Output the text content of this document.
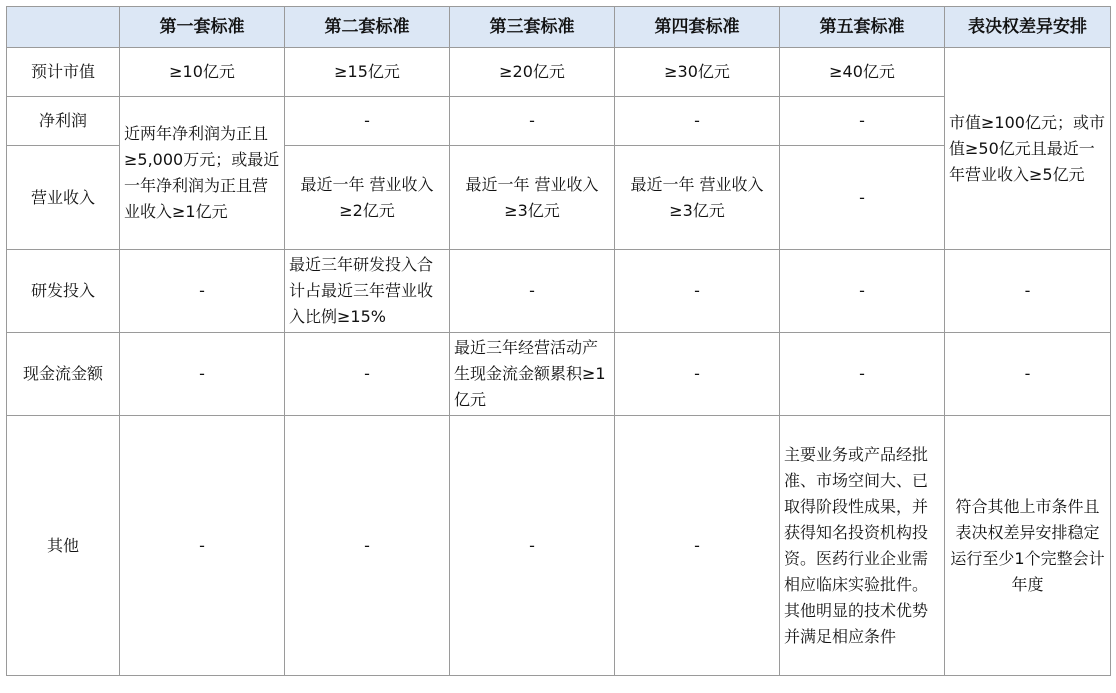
	第一套标准	第二套标准	第三套标准	第四套标准	第五套标准	表决权差异安排
预计市值	≥10亿元	≥15亿元	≥20亿元	≥30亿元	≥40亿元	市值≥100亿元；或市值≥50亿元且最近一年营业收入≥5亿元
净利润	近两年净利润为正且≥5,000万元；或最近一年净利润为正且营业收入≥1亿元	-	-	-	-	
营业收入		最近一年 营业收入≥2亿元	最近一年 营业收入≥3亿元	最近一年 营业收入≥3亿元	-	
研发投入	-	最近三年研发投入合计占最近三年营业收入比例≥15%	-	-	-	-
现金流金额	-	-	最近三年经营活动产生现金流金额累积≥1亿元	-	-	-
其他	-	-	-	-	主要业务或产品经批准、市场空间大、已取得阶段性成果，并获得知名投资机构投资。医药行业企业需相应临床实验批件。其他明显的技术优势并满足相应条件	符合其他上市条件且表决权差异安排稳定运行至少1个完整会计年度
